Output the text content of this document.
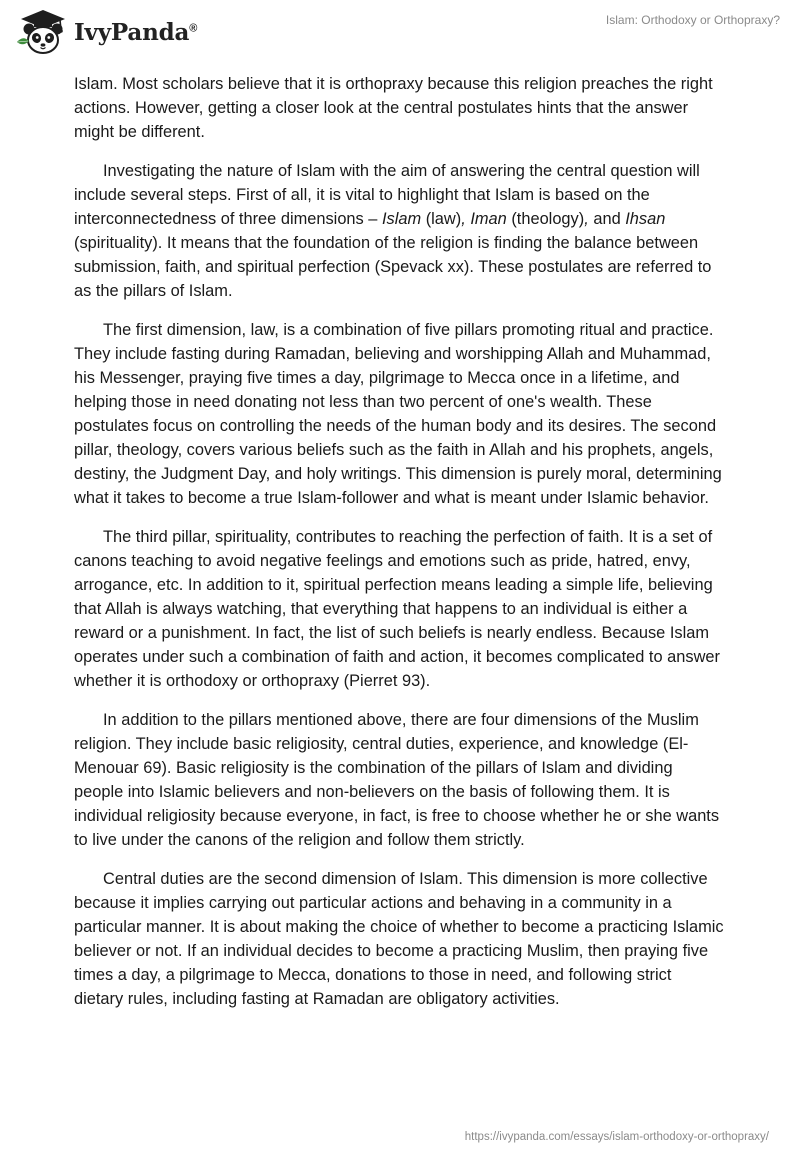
IvyPanda®
Islam: Orthodoxy or Orthopraxy?

Islam. Most scholars believe that it is orthopraxy because this religion preaches the right actions. However, getting a closer look at the central postulates hints that the answer might be different.

Investigating the nature of Islam with the aim of answering the central question will include several steps. First of all, it is vital to highlight that Islam is based on the interconnectedness of three dimensions – Islam (law), Iman (theology), and Ihsan (spirituality). It means that the foundation of the religion is finding the balance between submission, faith, and spiritual perfection (Spevack xx). These postulates are referred to as the pillars of Islam.

The first dimension, law, is a combination of five pillars promoting ritual and practice. They include fasting during Ramadan, believing and worshipping Allah and Muhammad, his Messenger, praying five times a day, pilgrimage to Mecca once in a lifetime, and helping those in need donating not less than two percent of one's wealth. These postulates focus on controlling the needs of the human body and its desires. The second pillar, theology, covers various beliefs such as the faith in Allah and his prophets, angels, destiny, the Judgment Day, and holy writings. This dimension is purely moral, determining what it takes to become a true Islam-follower and what is meant under Islamic behavior.

The third pillar, spirituality, contributes to reaching the perfection of faith. It is a set of canons teaching to avoid negative feelings and emotions such as pride, hatred, envy, arrogance, etc. In addition to it, spiritual perfection means leading a simple life, believing that Allah is always watching, that everything that happens to an individual is either a reward or a punishment. In fact, the list of such beliefs is nearly endless. Because Islam operates under such a combination of faith and action, it becomes complicated to answer whether it is orthodoxy or orthopraxy (Pierret 93).

In addition to the pillars mentioned above, there are four dimensions of the Muslim religion. They include basic religiosity, central duties, experience, and knowledge (El-Menouar 69). Basic religiosity is the combination of the pillars of Islam and dividing people into Islamic believers and non-believers on the basis of following them. It is individual religiosity because everyone, in fact, is free to choose whether he or she wants to live under the canons of the religion and follow them strictly.

Central duties are the second dimension of Islam. This dimension is more collective because it implies carrying out particular actions and behaving in a community in a particular manner. It is about making the choice of whether to become a practicing Islamic believer or not. If an individual decides to become a practicing Muslim, then praying five times a day, a pilgrimage to Mecca, donations to those in need, and following strict dietary rules, including fasting at Ramadan are obligatory activities.

https://ivypanda.com/essays/islam-orthodoxy-or-orthopraxy/
